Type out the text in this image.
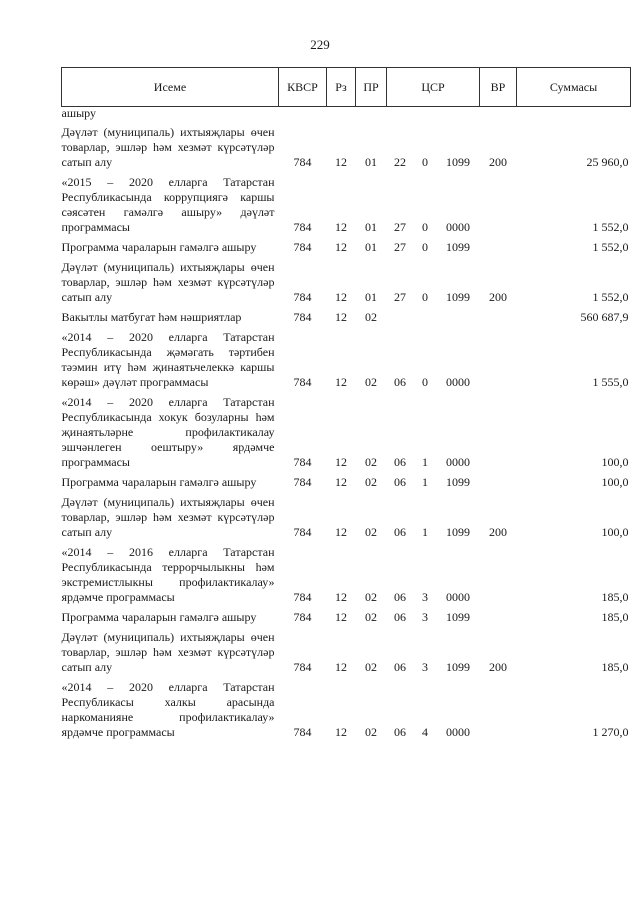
229
Исеме	КВСР	Рз	ПР	ЦСР			ВР	Суммасы
ашыру								
Дәүләт (муниципаль) ихтыяҗлары өчен товарлар, эшләр һәм хезмәт күрсәтүләр сатып алу	784	12	01	22	0	1099	200	25 960,0
«2015 – 2020 елларга Татарстан Республикасында коррупциягә каршы сәясәтен гамәлгә ашыру» дәүләт программасы	784	12	01	27	0	0000		1 552,0
Программа чараларын гамәлгә ашыру	784	12	01	27	0	1099		1 552,0
Дәүләт (муниципаль) ихтыяҗлары өчен товарлар, эшләр һәм хезмәт күрсәтүләр сатып алу	784	12	01	27	0	1099	200	1 552,0
Вакытлы матбугат һәм нәшриятлар	784	12	02					560 687,9
«2014 – 2020 елларга Татарстан Республикасында җәмәгать тәртибен тәэмин итү һәм җинаятьчелеккә каршы көрәш» дәүләт программасы	784	12	02	06	0	0000		1 555,0
«2014 – 2020 елларга Татарстан Республикасында хокук бозуларны һәм җинаятьләрне профилактикалау эшчәнлеген оештыру» ярдәмче программасы	784	12	02	06	1	0000		100,0
Программа чараларын гамәлгә ашыру	784	12	02	06	1	1099		100,0
Дәүләт (муниципаль) ихтыяҗлары өчен товарлар, эшләр һәм хезмәт күрсәтүләр сатып алу	784	12	02	06	1	1099	200	100,0
«2014 – 2016 елларга Татарстан Республикасында террорчылыкны һәм экстремистлыкны профилактикалау» ярдәмче программасы	784	12	02	06	3	0000		185,0
Программа чараларын гамәлгә ашыру	784	12	02	06	3	1099		185,0
Дәүләт (муниципаль) ихтыяҗлары өчен товарлар, эшләр һәм хезмәт күрсәтүләр сатып алу	784	12	02	06	3	1099	200	185,0
«2014 – 2020 елларга Татарстан Республикасы халкы арасында наркоманияне профилактикалау» ярдәмче программасы	784	12	02	06	4	0000		1 270,0
